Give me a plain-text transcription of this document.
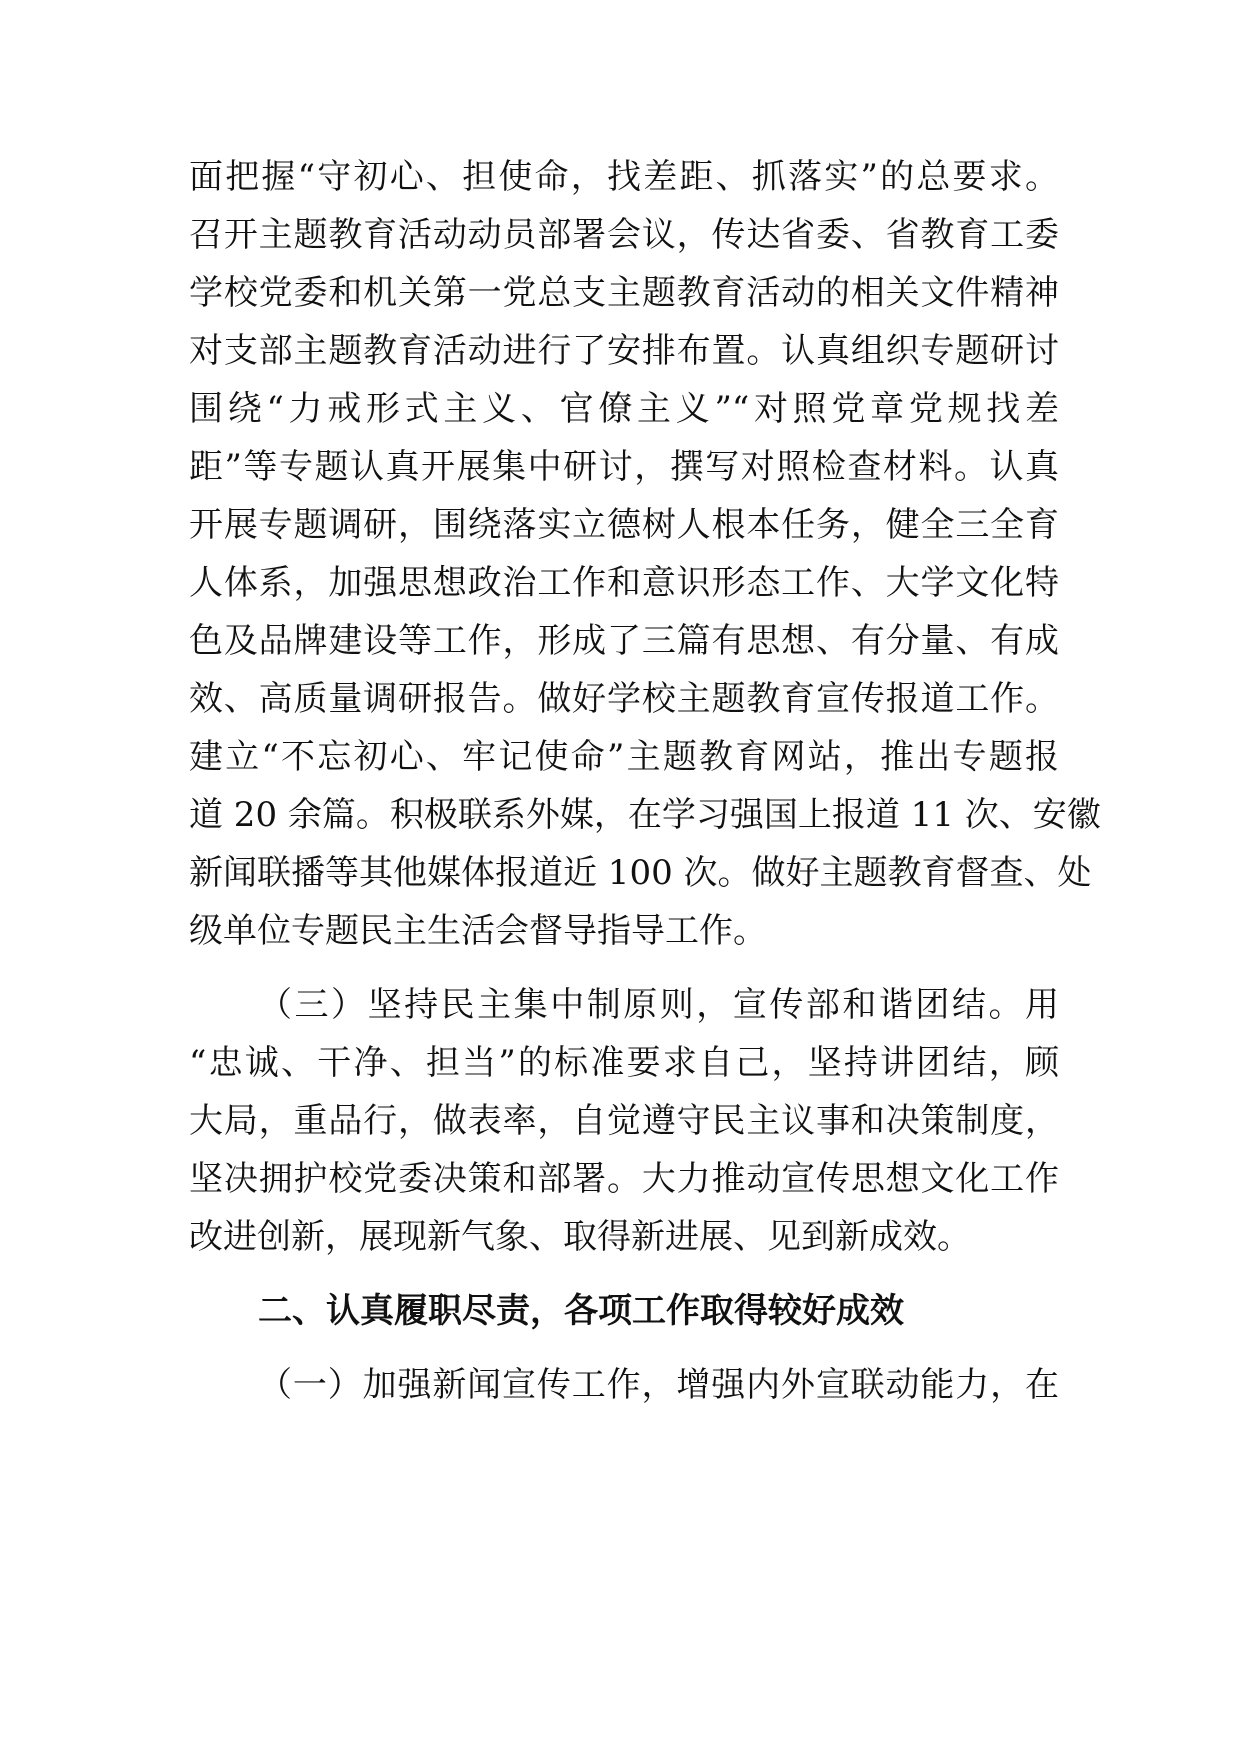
面把握“守初心、担使命，找差距、抓落实”的总要求。
召开主题教育活动动员部署会议，传达省委、省教育工委
学校党委和机关第一党总支主题教育活动的相关文件精神
对支部主题教育活动进行了安排布置。认真组织专题研讨
围绕“力戒形式主义、官僚主义”“对照党章党规找差
距”等专题认真开展集中研讨，撰写对照检查材料。认真
开展专题调研，围绕落实立德树人根本任务，健全三全育
人体系，加强思想政治工作和意识形态工作、大学文化特
色及品牌建设等工作，形成了三篇有思想、有分量、有成
效、高质量调研报告。做好学校主题教育宣传报道工作。
建立“不忘初心、牢记使命”主题教育网站，推出专题报
道 20 余篇。积极联系外媒，在学习强国上报道 11 次、安徽
新闻联播等其他媒体报道近 100 次。做好主题教育督查、处
级单位专题民主生活会督导指导工作。
（三）坚持民主集中制原则，宣传部和谐团结。用
“忠诚、干净、担当”的标准要求自己，坚持讲团结，顾
大局，重品行，做表率，自觉遵守民主议事和决策制度，
坚决拥护校党委决策和部署。大力推动宣传思想文化工作
改进创新，展现新气象、取得新进展、见到新成效。
二、认真履职尽责，各项工作取得较好成效
（一）加强新闻宣传工作，增强内外宣联动能力，在
